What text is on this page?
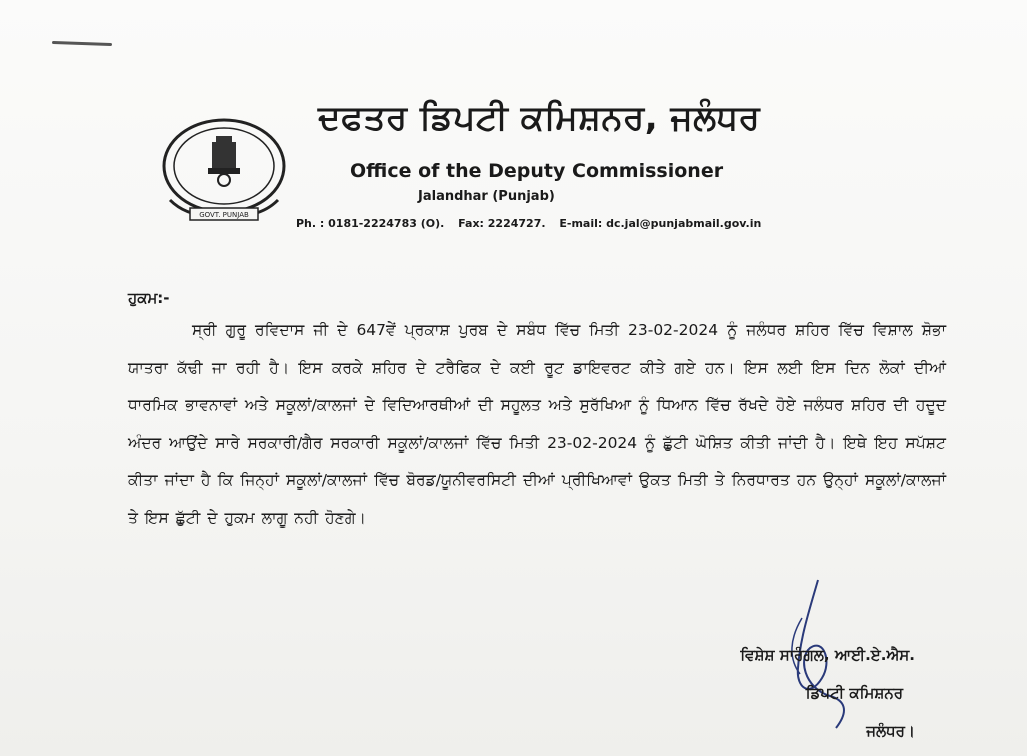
GOVT. PUNJAB
ਦਫਤਰ ਡਿਪਟੀ ਕਮਿਸ਼ਨਰ, ਜਲੰਧਰ
Office of the Deputy Commissioner
Jalandhar (Punjab)
Ph. : 0181-2224783 (O). Fax: 2224727. E-mail: dc.jal@punjabmail.gov.in
ਹੁਕਮ:-
ਸ੍ਰੀ ਗੁਰੂ ਰਵਿਦਾਸ ਜੀ ਦੇ 647ਵੇਂ ਪ੍ਰਕਾਸ਼ ਪੁਰਬ ਦੇ ਸਬੰਧ ਵਿੱਚ ਮਿਤੀ 23-02-2024 ਨੂੰ ਜਲੰਧਰ ਸ਼ਹਿਰ ਵਿੱਚ ਵਿਸ਼ਾਲ ਸ਼ੋਭਾ ਯਾਤਰਾ ਕੱਢੀ ਜਾ ਰਹੀ ਹੈ। ਇਸ ਕਰਕੇ ਸ਼ਹਿਰ ਦੇ ਟਰੈਫਿਕ ਦੇ ਕਈ ਰੂਟ ਡਾਇਵਰਟ ਕੀਤੇ ਗਏ ਹਨ। ਇਸ ਲਈ ਇਸ ਦਿਨ ਲੋਕਾਂ ਦੀਆਂ ਧਾਰਮਿਕ ਭਾਵਨਾਵਾਂ ਅਤੇ ਸਕੂਲਾਂ/ਕਾਲਜਾਂ ਦੇ ਵਿਦਿਆਰਥੀਆਂ ਦੀ ਸਹੂਲਤ ਅਤੇ ਸੁਰੱਖਿਆ ਨੂੰ ਧਿਆਨ ਵਿੱਚ ਰੱਖਦੇ ਹੋਏ ਜਲੰਧਰ ਸ਼ਹਿਰ ਦੀ ਹਦੂਦ ਅੰਦਰ ਆਉਂਦੇ ਸਾਰੇ ਸਰਕਾਰੀ/ਗੈਰ ਸਰਕਾਰੀ ਸਕੂਲਾਂ/ਕਾਲਜਾਂ ਵਿੱਚ ਮਿਤੀ 23-02-2024 ਨੂੰ ਛੁੱਟੀ ਘੋਸ਼ਿਤ ਕੀਤੀ ਜਾਂਦੀ ਹੈ। ਇਥੇ ਇਹ ਸਪੱਸ਼ਟ ਕੀਤਾ ਜਾਂਦਾ ਹੈ ਕਿ ਜਿਨ੍ਹਾਂ ਸਕੂਲਾਂ/ਕਾਲਜਾਂ ਵਿੱਚ ਬੋਰਡ/ਯੂਨੀਵਰਸਿਟੀ ਦੀਆਂ ਪ੍ਰੀਖਿਆਵਾਂ ਉਕਤ ਮਿਤੀ ਤੇ ਨਿਰਧਾਰਤ ਹਨ ਉਨ੍ਹਾਂ ਸਕੂਲਾਂ/ਕਾਲਜਾਂ ਤੇ ਇਸ ਛੁੱਟੀ ਦੇ ਹੁਕਮ ਲਾਗੂ ਨਹੀ ਹੋਣਗੇ।
ਵਿਸ਼ੇਸ਼ ਸਾਰੰਗਲ, ਆਈ.ਏ.ਐਸ.
ਡਿਪਟੀ ਕਮਿਸ਼ਨਰ
ਜਲੰਧਰ।
